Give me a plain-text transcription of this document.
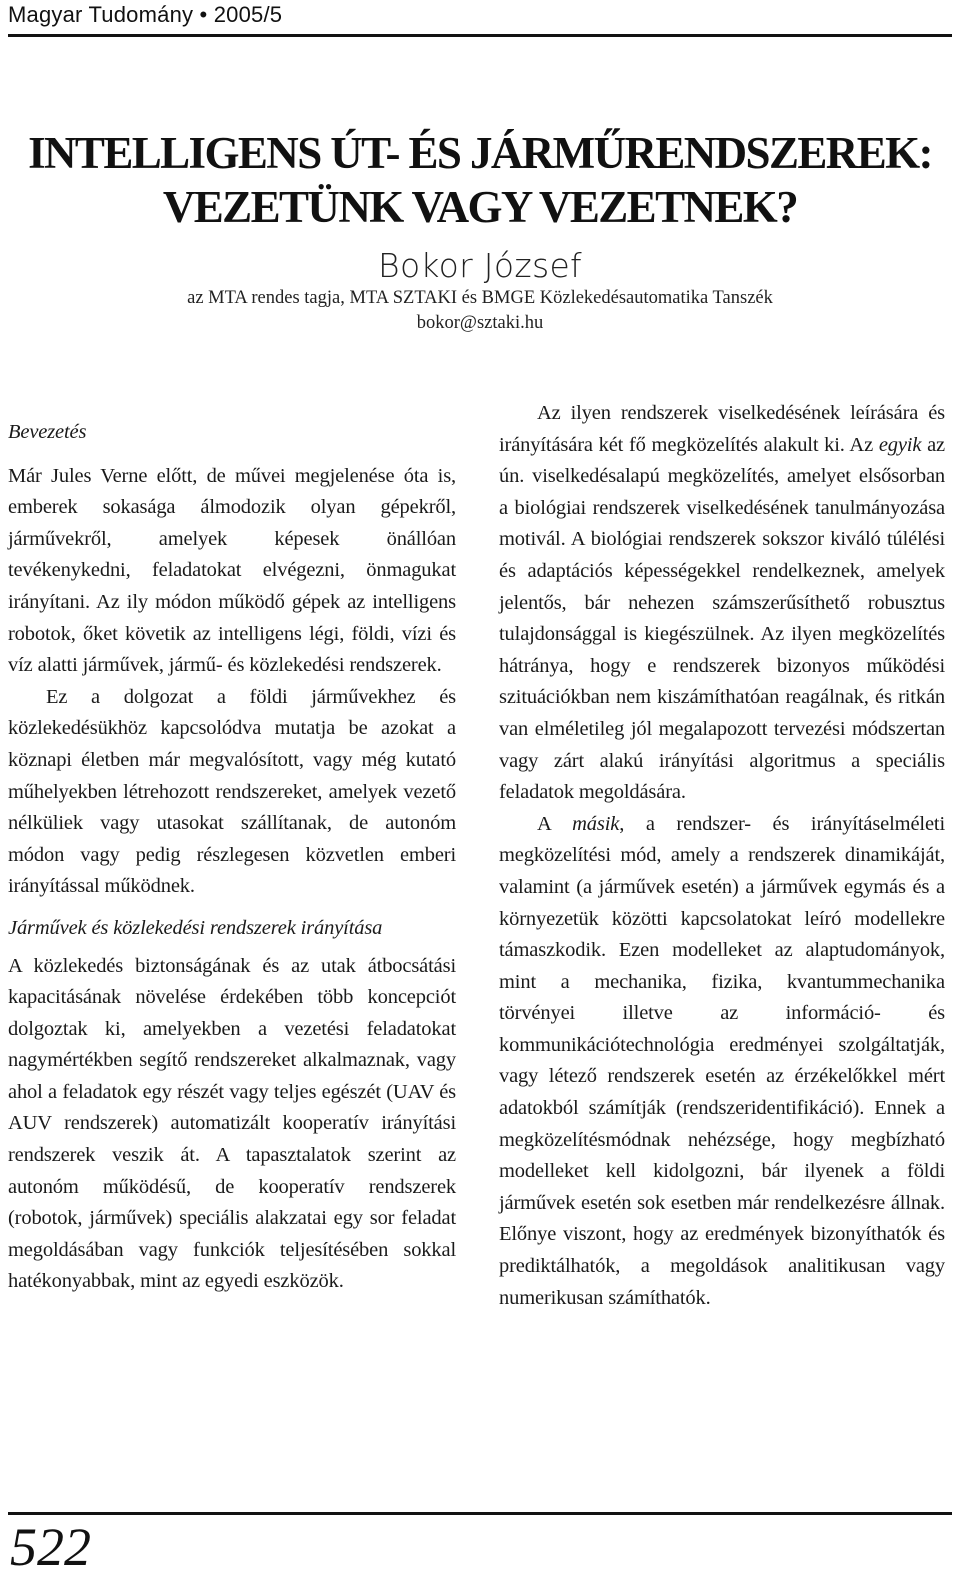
Magyar Tudomány • 2005/5
INTELLIGENS ÚT- ÉS JÁRMŰRENDSZEREK:
VEZETÜNK VAGY VEZETNEK?
Bokor József
az MTA rendes tagja, MTA SZTAKI és BMGE Közlekedésautomatika Tanszék
bokor@sztaki.hu

Bevezetés

Már Jules Verne előtt, de művei megjelenése óta is, emberek sokasága álmodozik olyan gépekről, járművekről, amelyek képesek önállóan tevékenykedni, feladatokat elvégezni, önmagukat irányítani. Az ily módon működő gépek az intelligens robotok, őket követik az intelligens légi, földi, vízi és víz alatti járművek, jármű- és közlekedési rendszerek.

Ez a dolgozat a földi járművekhez és közlekedésükhöz kapcsolódva mutatja be azokat a köznapi életben már megvalósított, vagy még kutató műhelyekben létrehozott rendszereket, amelyek vezető nélküliek vagy utasokat szállítanak, de autonóm módon vagy pedig részlegesen közvetlen emberi irányítással működnek.

Járművek és közlekedési rendszerek irányítása

A közlekedés biztonságának és az utak átbocsátási kapacitásának növelése érdekében több koncepciót dolgoztak ki, amelyekben a vezetési feladatokat nagymértékben segítő rendszereket alkalmaznak, vagy ahol a feladatok egy részét vagy teljes egészét (UAV és AUV rendszerek) automatizált kooperatív irányítási rendszerek veszik át. A tapasztalatok szerint az autonóm működésű, de kooperatív rendszerek (robotok, járművek) speciális alakzatai egy sor feladat megoldásában vagy funkciók teljesítésében sokkal hatékonyabbak, mint az egyedi eszközök.

Az ilyen rendszerek viselkedésének leírására és irányítására két fő megközelítés alakult ki. Az egyik az ún. viselkedésalapú megközelítés, amelyet elsősorban a biológiai rendszerek viselkedésének tanulmányozása motivál. A biológiai rendszerek sokszor kiváló túlélési és adaptációs képességekkel rendelkeznek, amelyek jelentős, bár nehezen számszerűsíthető robusztus tulajdonsággal is kiegészülnek. Az ilyen megközelítés hátránya, hogy e rendszerek bizonyos működési szituációkban nem kiszámíthatóan reagálnak, és ritkán van elméletileg jól megalapozott tervezési módszertan vagy zárt alakú irányítási algoritmus a speciális feladatok megoldására.

A másik, a rendszer- és irányításelméleti megközelítési mód, amely a rendszerek dinamikáját, valamint (a járművek esetén) a járművek egymás és a környezetük közötti kapcsolatokat leíró modellekre támaszkodik. Ezen modelleket az alaptudományok, mint a mechanika, fizika, kvantummechanika törvényei illetve az információ- és kommunikációtechnológia eredményei szolgáltatják, vagy létező rendszerek esetén az érzékelőkkel mért adatokból számítják (rendszeridentifikáció). Ennek a megközelítésmódnak nehézsége, hogy megbízható modelleket kell kidolgozni, bár ilyenek a földi járművek esetén sok esetben már rendelkezésre állnak. Előnye viszont, hogy az eredmények bizonyíthatók és prediktálhatók, a megoldások analitikusan vagy numerikusan számíthatók.

522
